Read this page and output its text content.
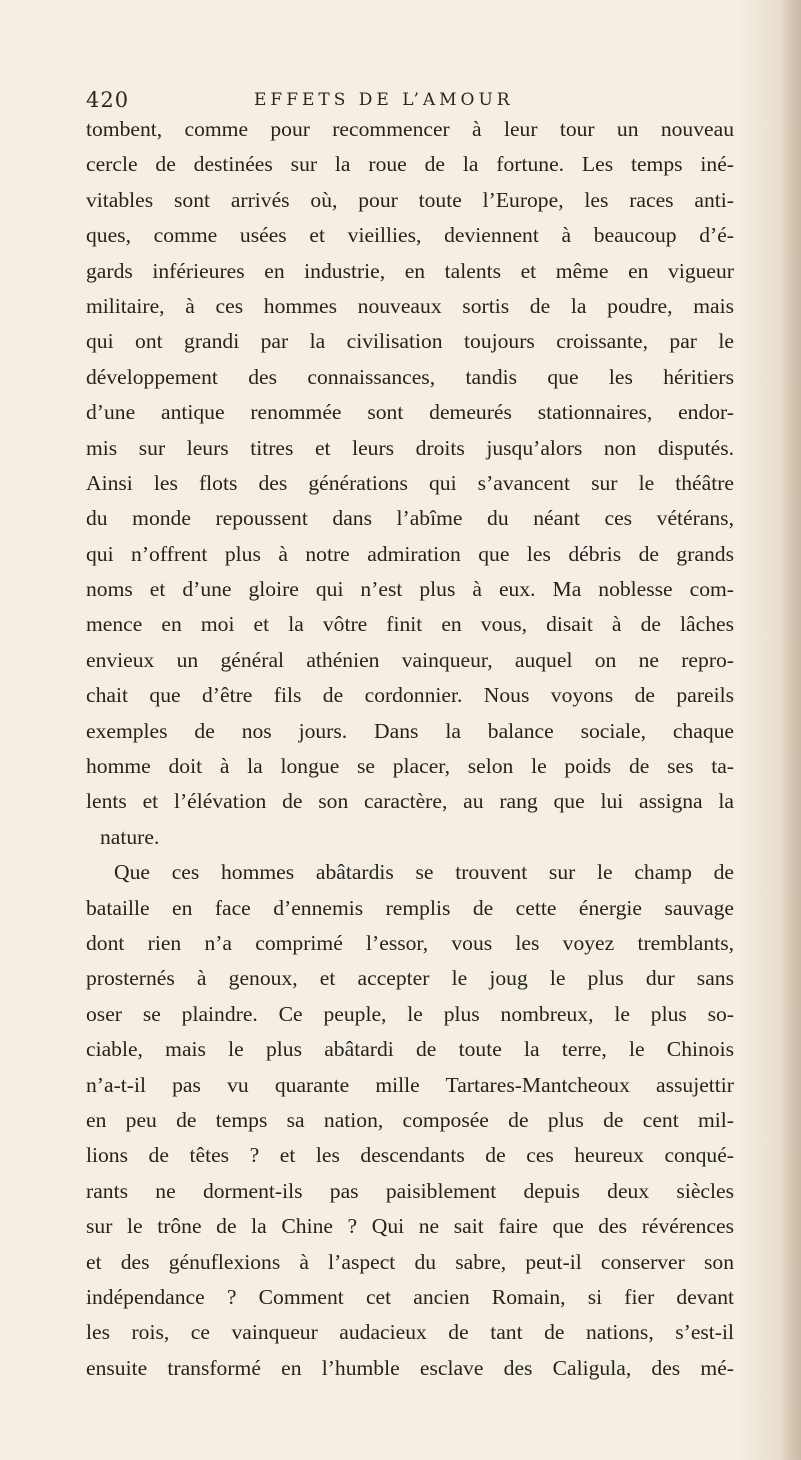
420	EFFETS DE L’AMOUR
tombent, comme pour recommencer à leur tour un nouveau
cercle de destinées sur la roue de la fortune. Les temps iné-
vitables sont arrivés où, pour toute l’Europe, les races anti-
ques, comme usées et vieillies, deviennent à beaucoup d’é-
gards inférieures en industrie, en talents et même en vigueur
militaire, à ces hommes nouveaux sortis de la poudre, mais
qui ont grandi par la civilisation toujours croissante, par le
développement des connaissances, tandis que les héritiers
d’une antique renommée sont demeurés stationnaires, endor-
mis sur leurs titres et leurs droits jusqu’alors non disputés.
Ainsi les flots des générations qui s’avancent sur le théâtre
du monde repoussent dans l’abîme du néant ces vétérans,
qui n’offrent plus à notre admiration que les débris de grands
noms et d’une gloire qui n’est plus à eux. Ma noblesse com-
mence en moi et la vôtre finit en vous, disait à de lâches
envieux un général athénien vainqueur, auquel on ne repro-
chait que d’être fils de cordonnier. Nous voyons de pareils
exemples de nos jours. Dans la balance sociale, chaque
homme doit à la longue se placer, selon le poids de ses ta-
lents et l’élévation de son caractère, au rang que lui assigna la
nature.
Que ces hommes abâtardis se trouvent sur le champ de
bataille en face d’ennemis remplis de cette énergie sauvage
dont rien n’a comprimé l’essor, vous les voyez tremblants,
prosternés à genoux, et accepter le joug le plus dur sans
oser se plaindre. Ce peuple, le plus nombreux, le plus so-
ciable, mais le plus abâtardi de toute la terre, le Chinois
n’a-t-il pas vu quarante mille Tartares-Mantcheoux assujettir
en peu de temps sa nation, composée de plus de cent mil-
lions de têtes ? et les descendants de ces heureux conqué-
rants ne dorment-ils pas paisiblement depuis deux siècles
sur le trône de la Chine ? Qui ne sait faire que des révérences
et des génuflexions à l’aspect du sabre, peut-il conserver son
indépendance ? Comment cet ancien Romain, si fier devant
les rois, ce vainqueur audacieux de tant de nations, s’est-il
ensuite transformé en l’humble esclave des Caligula, des mé-
